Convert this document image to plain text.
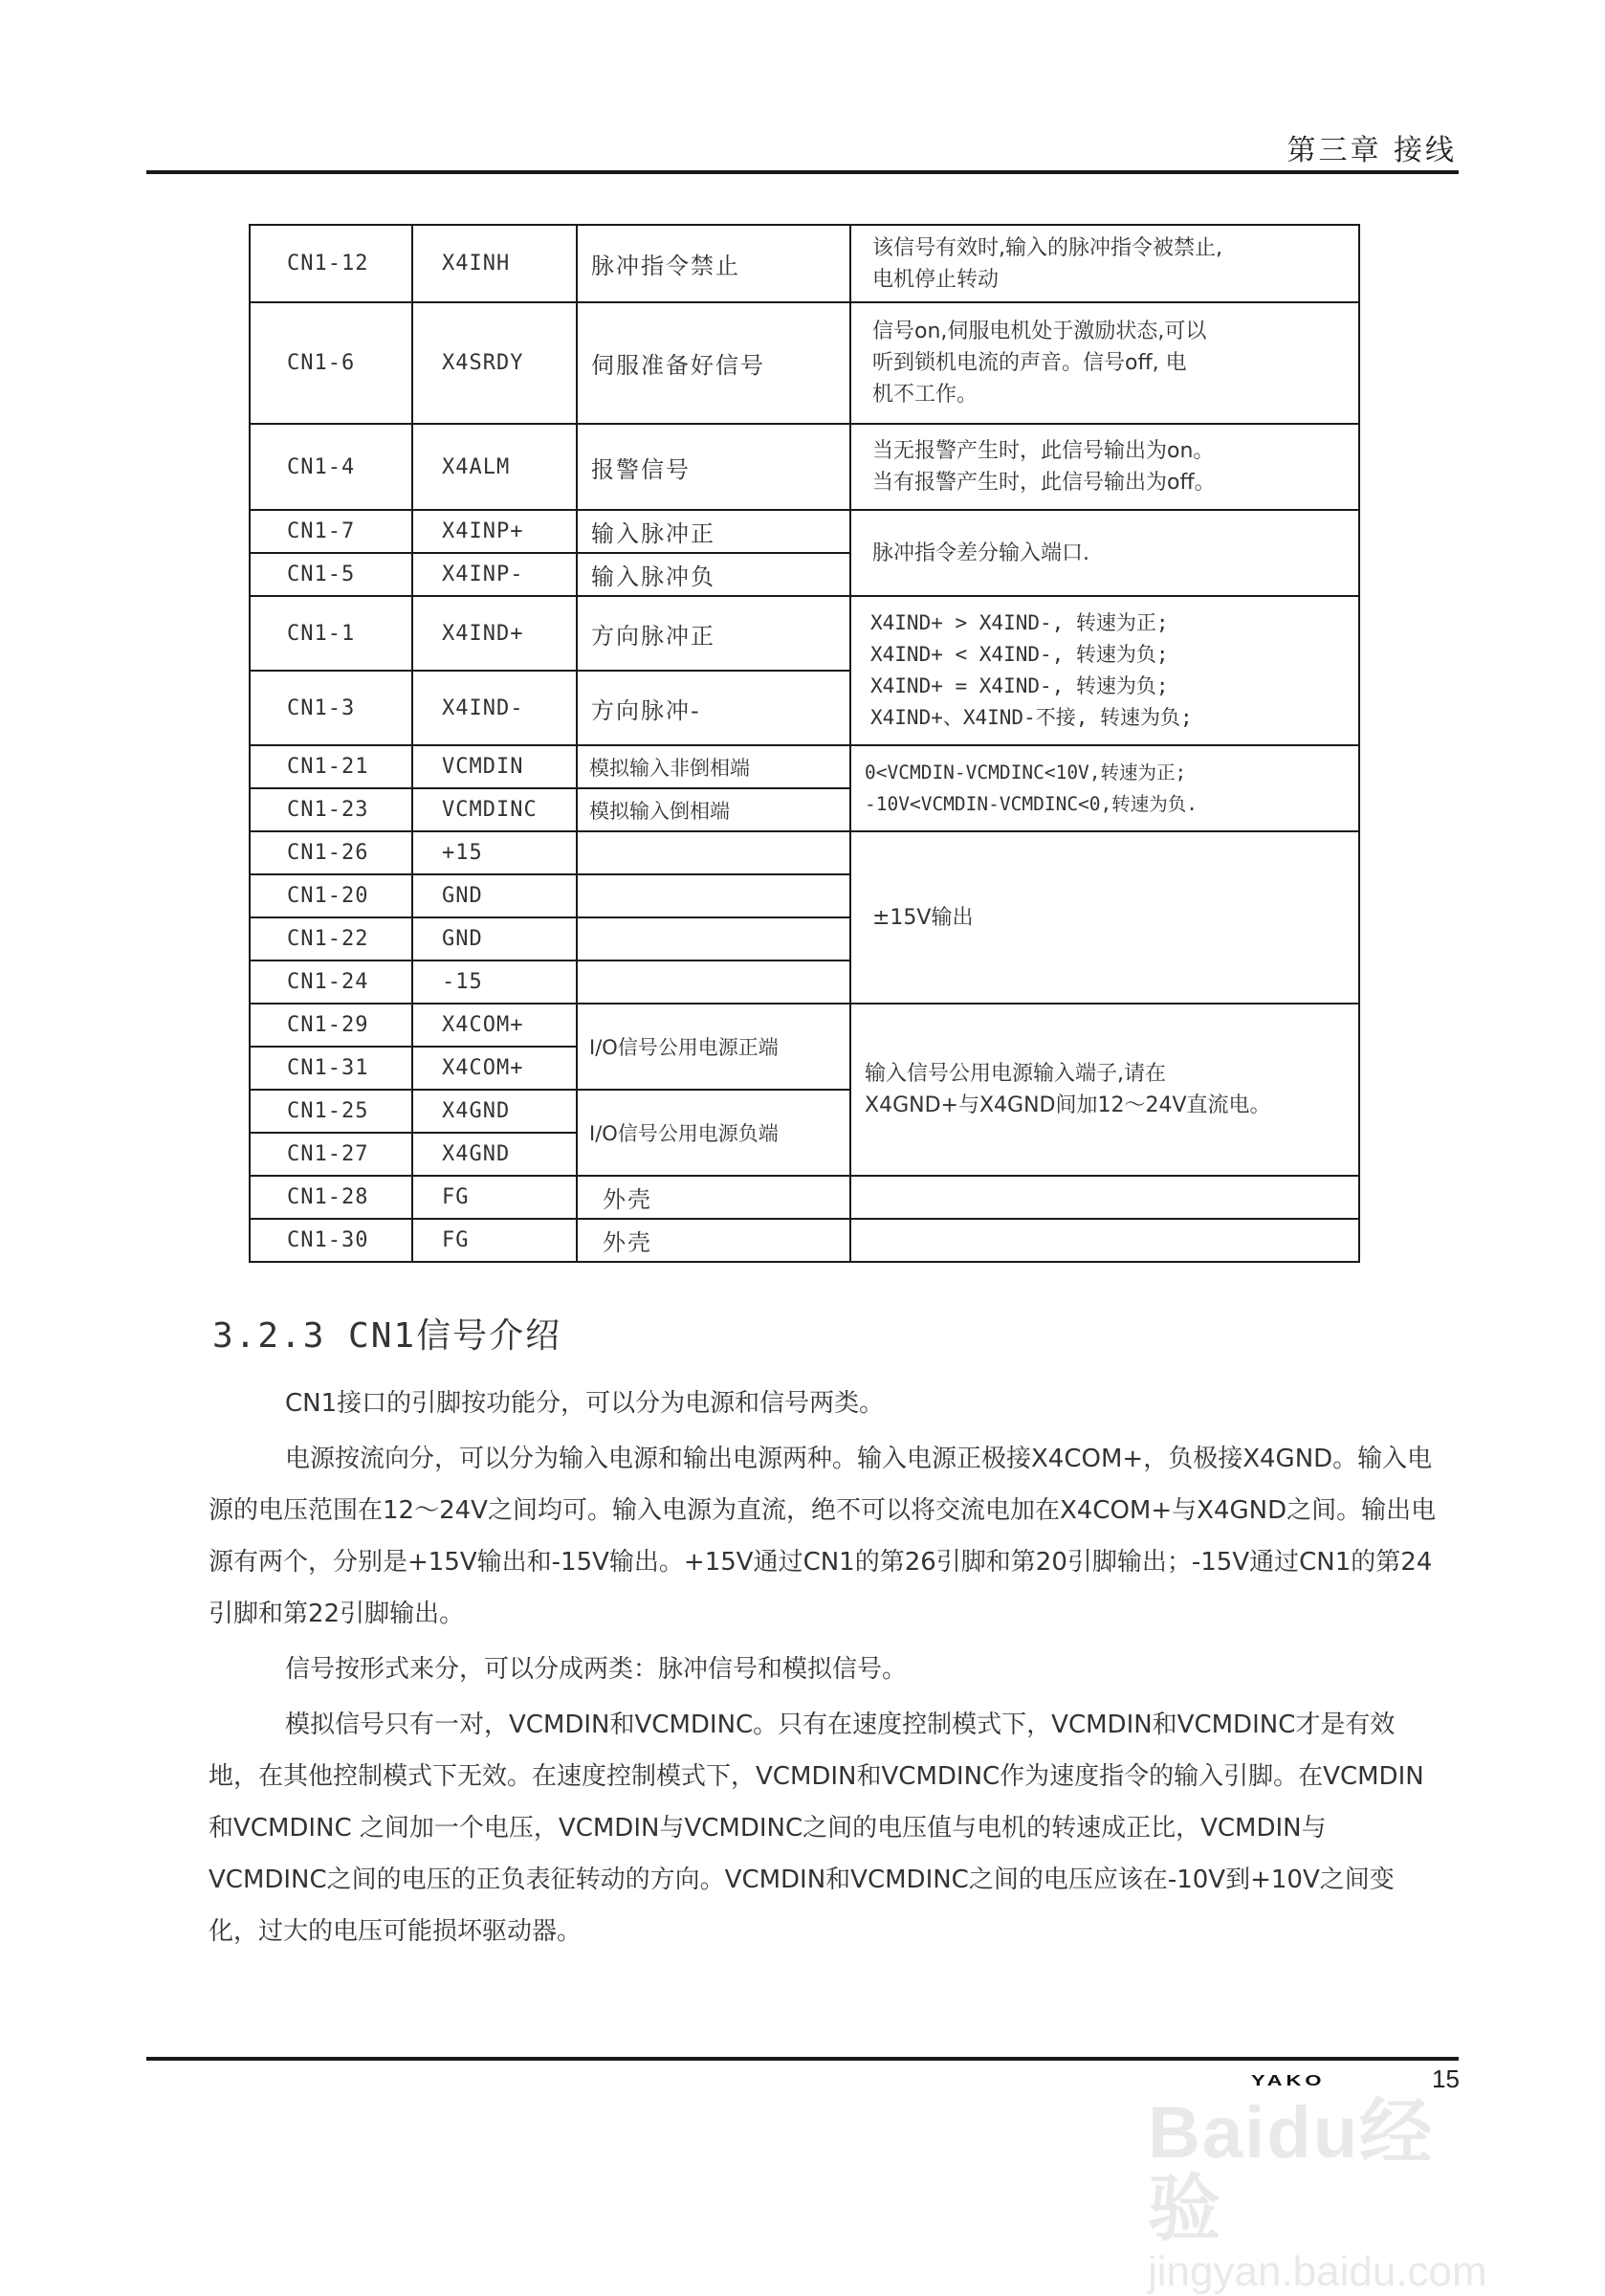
第三章 接线
CN1-12	X4INH	脉冲指令禁止	该信号有效时,输入的脉冲指令被禁止,
电机停止转动

CN1-6	X4SRDY	伺服准备好信号	信号on,伺服电机处于激励状态,可以
听到锁机电流的声音。信号off, 电
机不工作。

CN1-4	X4ALM	报警信号	当无报警产生时，此信号输出为on。
当有报警产生时，此信号输出为off。

CN1-7	X4INP+	输入脉冲正	脉冲指令差分输入端口.

CN1-5	X4INP-	输入脉冲负	
CN1-1	X4IND+	方向脉冲正	X4IND+ > X4IND-, 转速为正;
X4IND+ < X4IND-, 转速为负;
X4IND+ = X4IND-, 转速为负;
X4IND+、X4IND-不接, 转速为负;

CN1-3	X4IND-	方向脉冲-	
CN1-21	VCMDIN	模拟输入非倒相端	0<VCMDIN-VCMDINC<10V,转速为正;
-10V<VCMDIN-VCMDINC<0,转速为负.

CN1-23	VCMDINC	模拟输入倒相端	
CN1-26	+15		±15V输出

CN1-20	GND		
CN1-22	GND		
CN1-24	-15		
CN1-29	X4COM+	I/O信号公用电源正端	输入信号公用电源输入端子,请在
X4GND+与X4GND间加12～24V直流电。

CN1-31	X4COM+		
CN1-25	X4GND	I/O信号公用电源负端	
CN1-27	X4GND		
CN1-28	FG	外壳	
CN1-30	FG	外壳	
3.2.3 CN1信号介绍

CN1接口的引脚按功能分，可以分为电源和信号两类。

电源按流向分，可以分为输入电源和输出电源两种。输入电源正极接X4COM+，负极接X4GND。输入电源的电压范围在12～24V之间均可。输入电源为直流，绝不可以将交流电加在X4COM+与X4GND之间。输出电源有两个，分别是+15V输出和-15V输出。+15V通过CN1的第26引脚和第20引脚输出；-15V通过CN1的第24引脚和第22引脚输出。

信号按形式来分，可以分成两类：脉冲信号和模拟信号。

模拟信号只有一对，VCMDIN和VCMDINC。只有在速度控制模式下，VCMDIN和VCMDINC才是有效地，在其他控制模式下无效。在速度控制模式下，VCMDIN和VCMDINC作为速度指令的输入引脚。在VCMDIN和VCMDINC 之间加一个电压，VCMDIN与VCMDINC之间的电压值与电机的转速成正比，VCMDIN与VCMDINC之间的电压的正负表征转动的方向。VCMDIN和VCMDINC之间的电压应该在-10V到+10V之间变化，过大的电压可能损坏驱动器。

YAKO	15
Baidu经验
jingyan.baidu.com
